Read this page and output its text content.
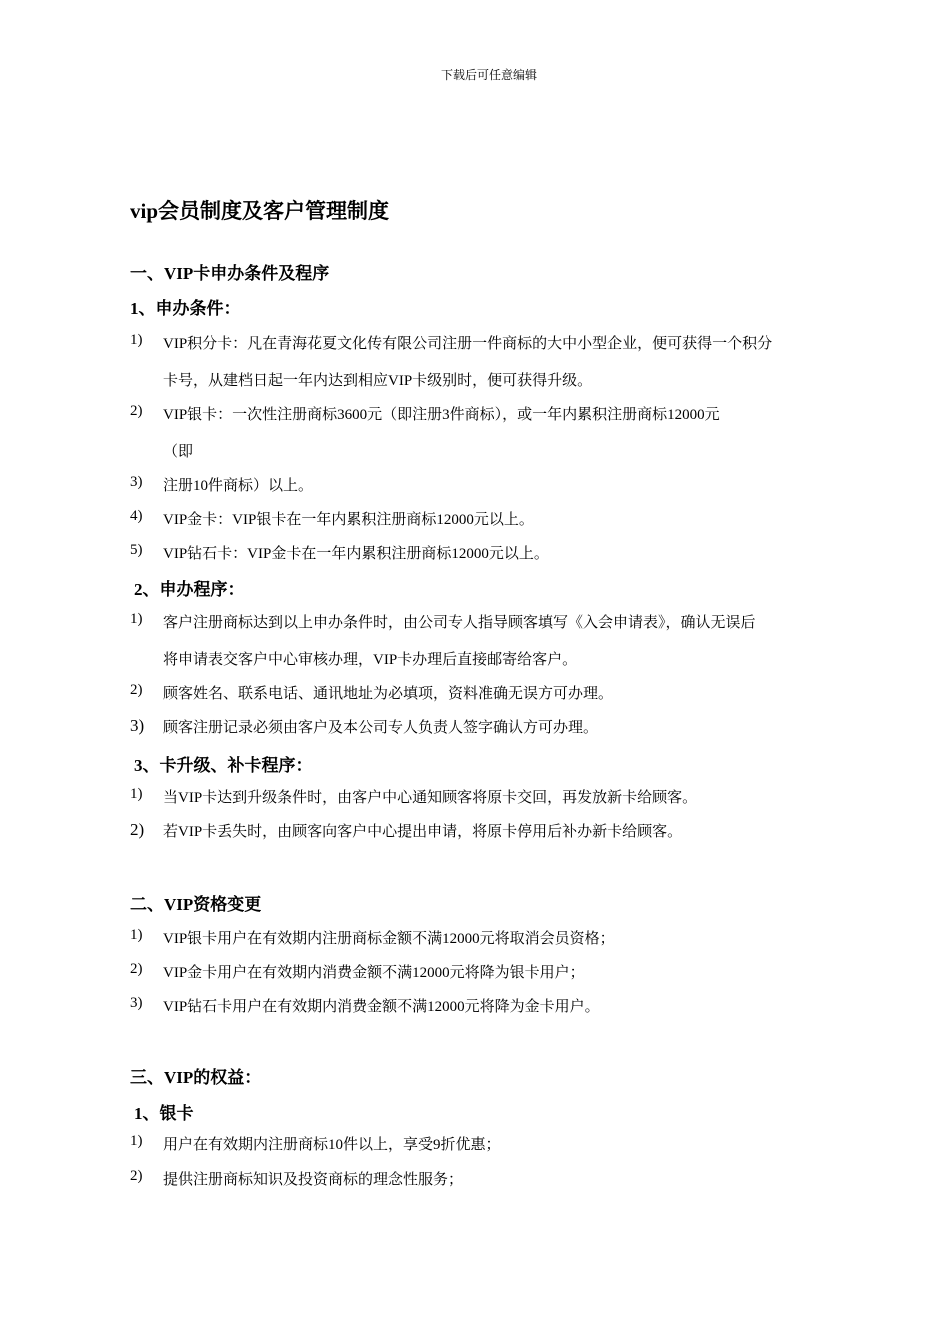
下载后可任意编辑
vip会员制度及客户管理制度
一、VIP卡申办条件及程序
1、申办条件：
1)	VIP积分卡：凡在青海花夏文化传有限公司注册一件商标的大中小型企业，便可获得一个积分
卡号，从建档日起一年内达到相应VIP卡级别时，便可获得升级。
2)	VIP银卡：一次性注册商标3600元（即注册3件商标），或一年内累积注册商标12000元
（即
3)	注册10件商标）以上。
4)	VIP金卡：VIP银卡在一年内累积注册商标12000元以上。
5)	VIP钻石卡：VIP金卡在一年内累积注册商标12000元以上。
2、申办程序：
1)	客户注册商标达到以上申办条件时，由公司专人指导顾客填写《入会申请表》，确认无误后
将申请表交客户中心审核办理，VIP卡办理后直接邮寄给客户。
2)	顾客姓名、联系电话、通讯地址为必填项，资料准确无误方可办理。
3)	顾客注册记录必须由客户及本公司专人负责人签字确认方可办理。
3、卡升级、补卡程序：
1)	当VIP卡达到升级条件时，由客户中心通知顾客将原卡交回，再发放新卡给顾客。
2)	若VIP卡丢失时，由顾客向客户中心提出申请，将原卡停用后补办新卡给顾客。
二、VIP资格变更
1)	VIP银卡用户在有效期内注册商标金额不满12000元将取消会员资格；
2)	VIP金卡用户在有效期内消费金额不满12000元将降为银卡用户；
3)	VIP钻石卡用户在有效期内消费金额不满12000元将降为金卡用户。
三、VIP的权益：
1、银卡
1)	用户在有效期内注册商标10件以上，享受9折优惠；
2)	提供注册商标知识及投资商标的理念性服务；
